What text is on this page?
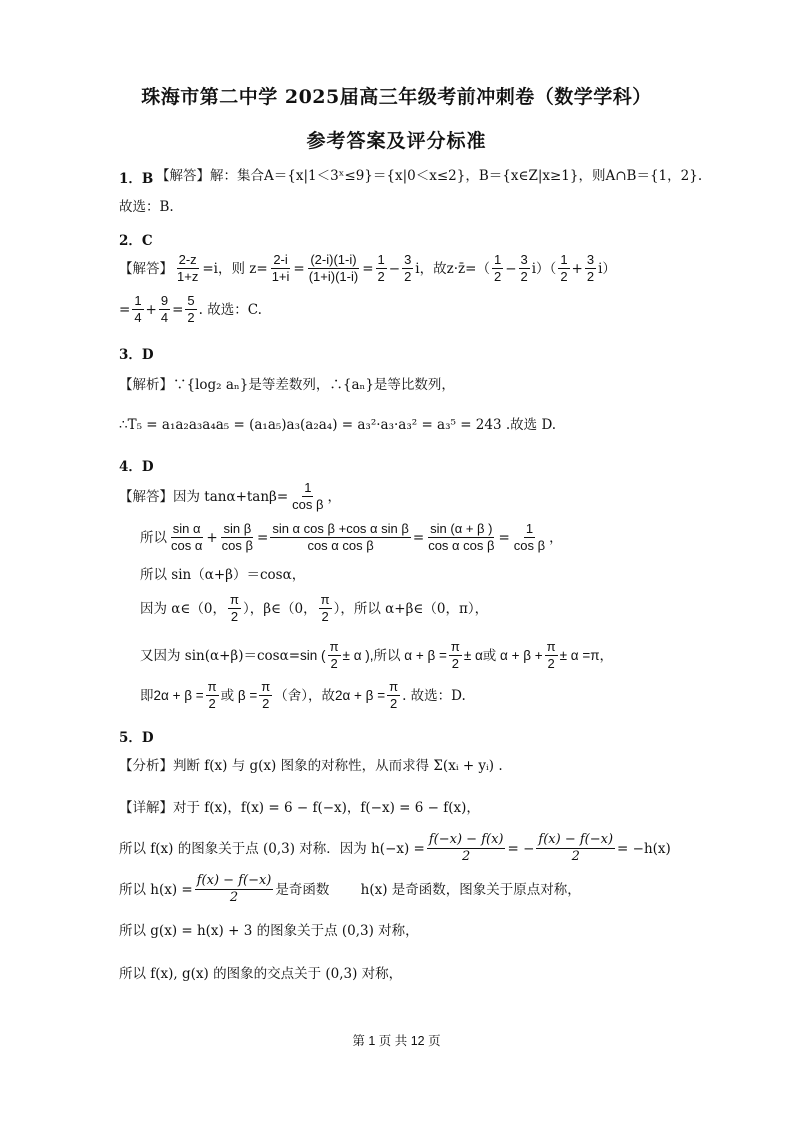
珠海市第二中学 2025届高三年级考前冲刺卷（数学学科）
参考答案及评分标准
1．B 【解答】解：集合A＝{x|1＜3ˣ≤9}＝{x|0＜x≤2}，B＝{x∈Z|x≥1}，则A∩B＝{1，2}.
故选：B.
2．C
【解答】 $\frac{2-z}{1+z} =i$，则 $z= \frac{2-i}{1+i} = \frac{(2-i)(1-i)}{(1+i)(1-i)} = \frac{1}{2} - \frac{3}{2}$ i，故z·z̄=（
1
$2 - \frac{3}{2} i$）（
1
$2 + \frac{3}{2} i$）
= $\frac{1}{4} + \frac{9}{4} = \frac{5}{2}$ . 故选：C.
3．D
【解析】∵{log₂ aₙ}是等差数列，∴{aₙ}是等比数列，
∴T₅ = a₁a₂a₃a₄a₅ = (a₁a₅)a₃(a₂a₄) = a₃²·a₃·a₃² = a₃⁵ = 243 .故选 D.
4．D
【解答】因为 $\tan\alpha+\tan\beta= \frac{1}{\text{cos β}}$ ，
所以
sin α
$\cos \alpha + \frac{\text{sin β}}{\text{cos β}} = \frac{\text{sin α cos β +cos α sin β}}{\text{cos α cos β}} = \frac{\sin (\alpha + \beta )}{\text{cos α cos β}} = \frac{1}{\text{cos β}}$ ，
所以 sin（α+β）＝cosα，
因为 α∈（0，
π
2 ），β∈（0，
π
2 ），所以 α+β∈（0，π），
又因为 sin(α+β)＝cosα= sin (
π
2
± α ),所以 $\alpha + \beta = \frac{\pi}{2} \pm \alpha$或 $\alpha + \beta + \frac{\pi}{2} \pm \alpha =\pi$，
即$2\alpha + \beta = \frac{\pi}{2}$ 或 $\beta = \frac{\pi}{2}$ （舍），故$2\alpha + \beta = \frac{\pi}{2}$ . 故选：D.
5．D
【分析】判断 f(x) 与 g(x) 图象的对称性，从而求得 Σ(xᵢ + yᵢ) .
【详解】对于 f(x)，f(x) = 6 − f(−x)，f(−x) = 6 − f(x)，
所以 f(x) 的图象关于点 (0,3) 对称．因为 $h(-x) = \frac{f(-x) - f(x)}{2}$ = − $\frac{f(x) - f(-x)}{2} = -h(x)$
所以 $h(x) = \frac{f(x) - f(-x)}{2}$ 是奇函数　　 h(x) 是奇函数，图象关于原点对称，
所以 g(x) = h(x) + 3 的图象关于点 (0,3) 对称，
所以 f(x), g(x) 的图象的交点关于 (0,3) 对称，
第 1 页 共 12 页
